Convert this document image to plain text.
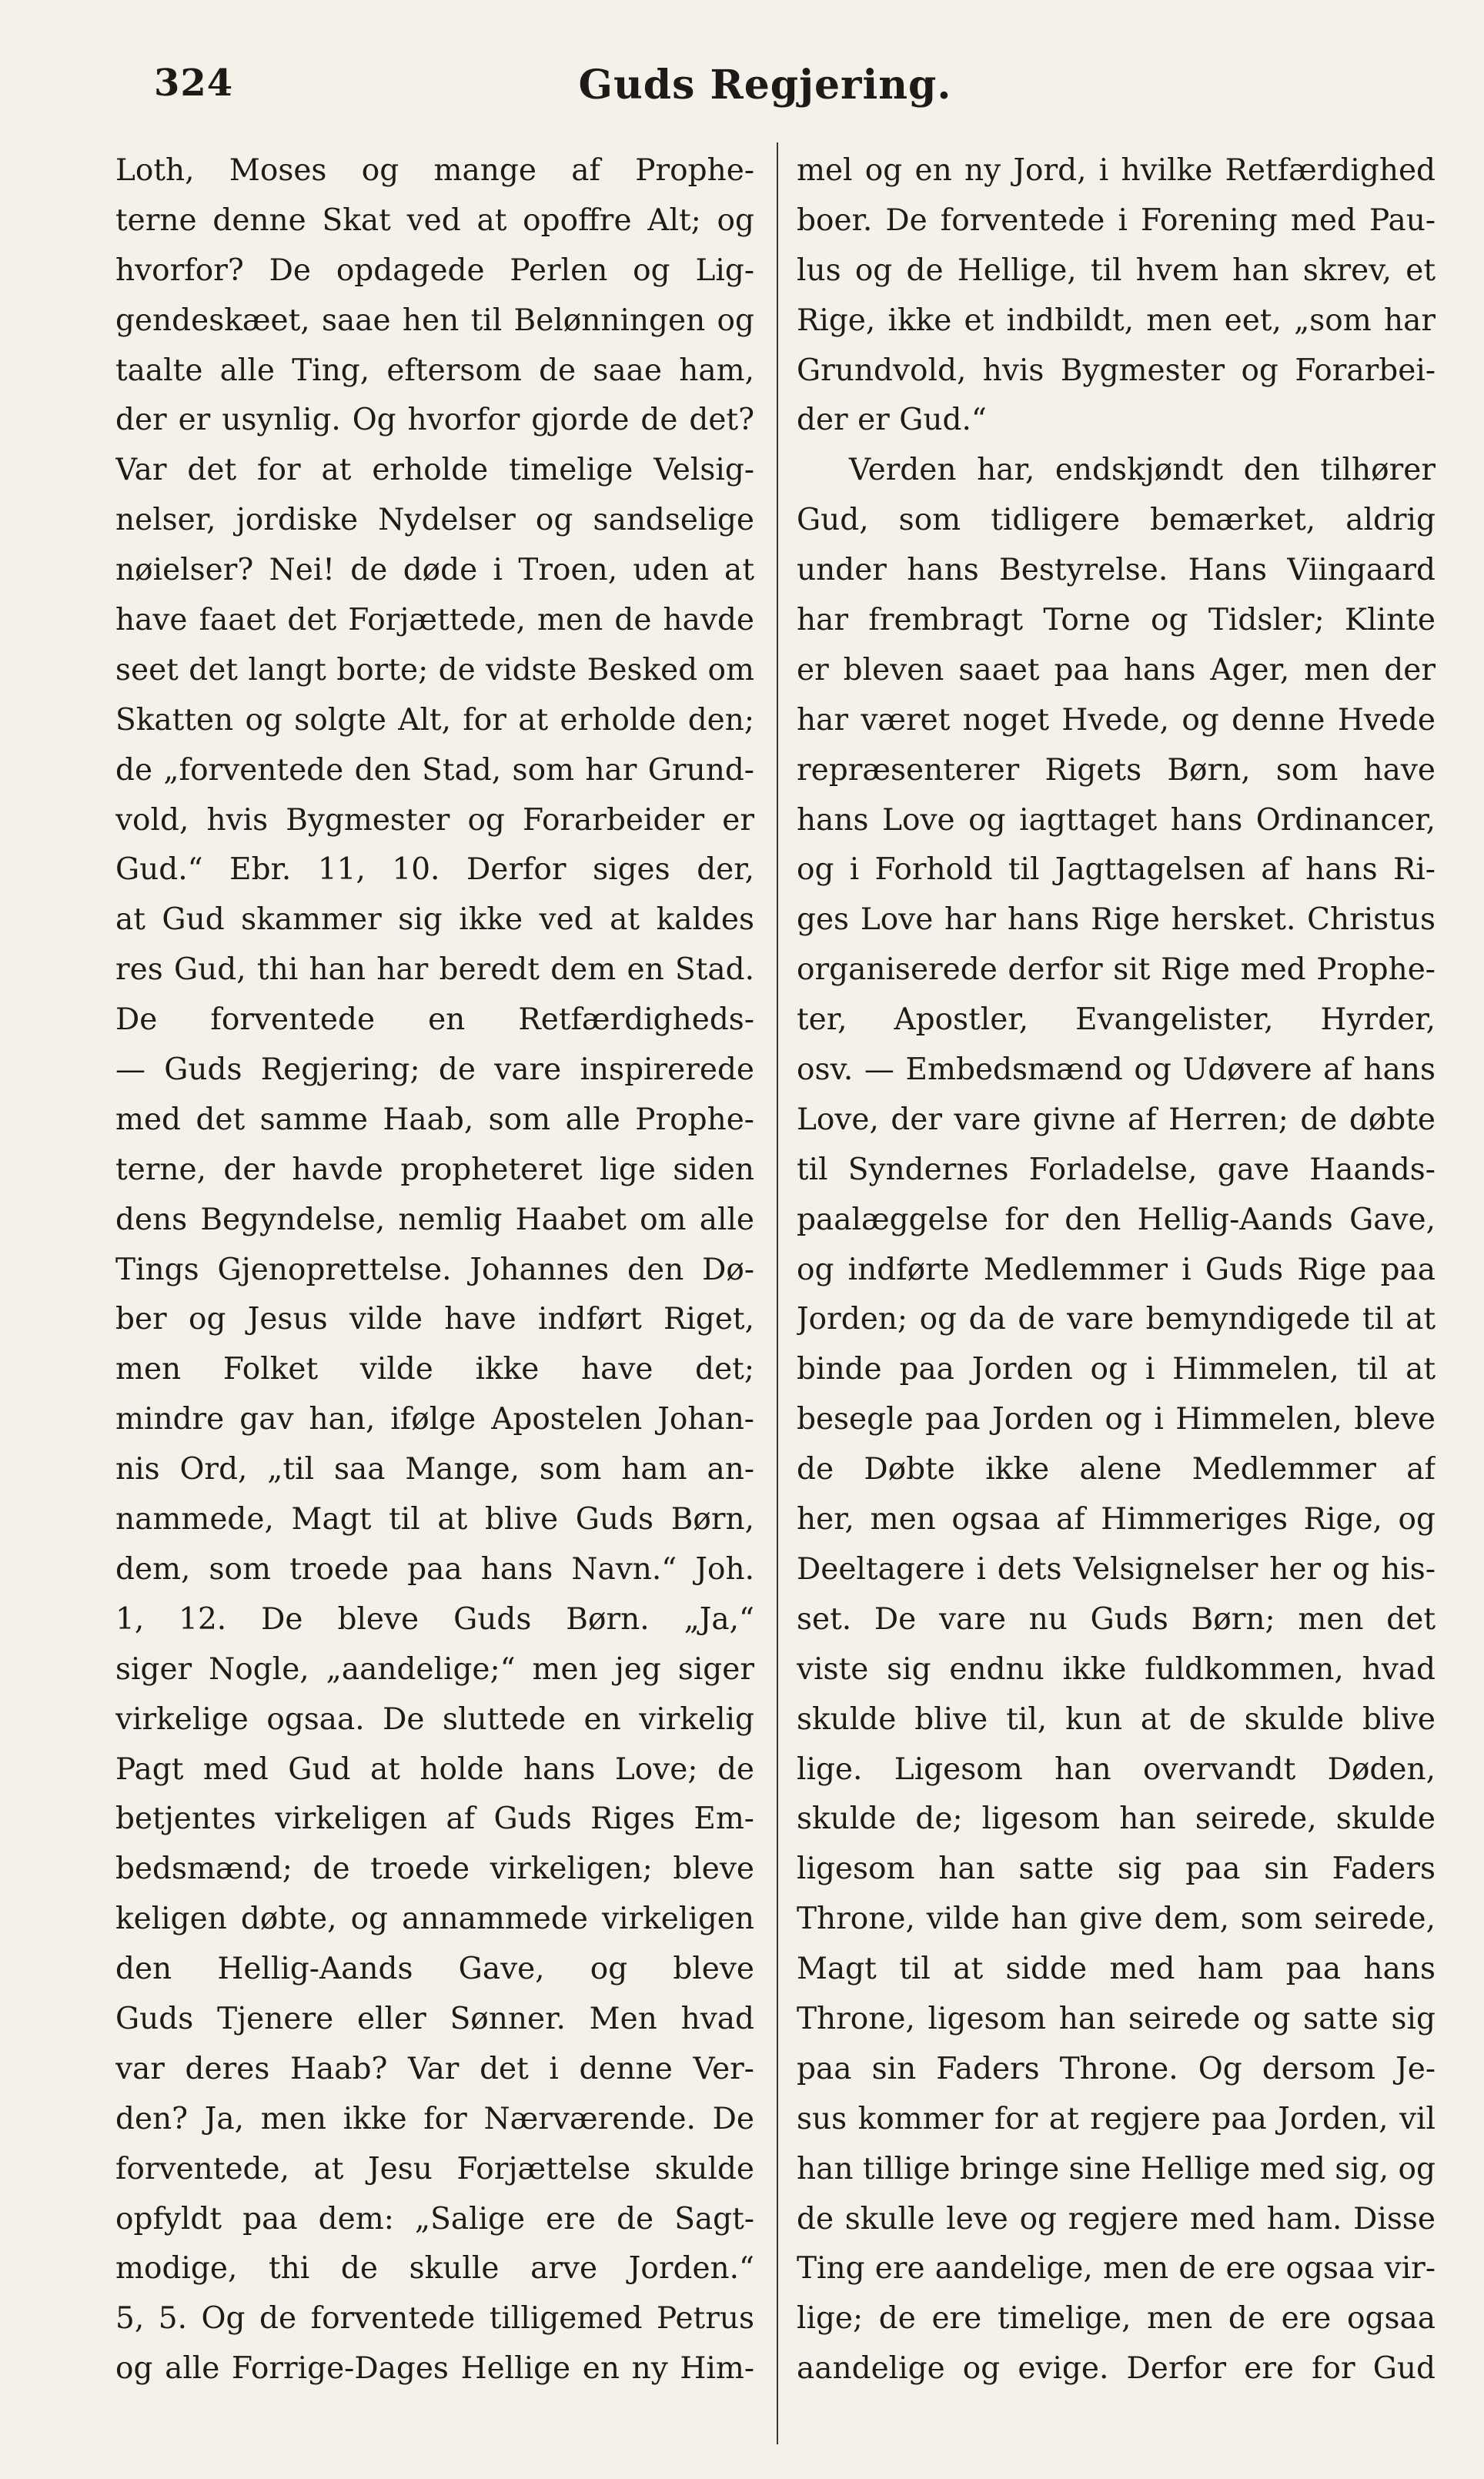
324	Guds Regjering.
Loth, Moses og mange af Prophe-
terne denne Skat ved at opoffre Alt; og
hvorfor? De opdagede Perlen og Lig-
gendeskæet, saae hen til Belønningen og
taalte alle Ting, eftersom de saae ham,
der er usynlig. Og hvorfor gjorde de det?
Var det for at erholde timelige Velsig-
nelser, jordiske Nydelser og sandselige
nøielser? Nei! de døde i Troen, uden at
have faaet det Forjættede, men de havde
seet det langt borte; de vidste Besked om
Skatten og solgte Alt, for at erholde den;
de „forventede den Stad, som har Grund-
vold, hvis Bygmester og Forarbeider er
Gud.“ Ebr. 11, 10. Derfor siges der,
at Gud skammer sig ikke ved at kaldes
res Gud, thi han har beredt dem en Stad.
De forventede en Retfærdigheds-
— Guds Regjering; de vare inspirerede
med det samme Haab, som alle Prophe-
terne, der havde propheteret lige siden
dens Begyndelse, nemlig Haabet om alle
Tings Gjenoprettelse. Johannes den Dø-
ber og Jesus vilde have indført Riget,
men Folket vilde ikke have det;
mindre gav han, ifølge Apostelen Johan-
nis Ord, „til saa Mange, som ham an-
nammede, Magt til at blive Guds Børn,
dem, som troede paa hans Navn.“ Joh.
1, 12. De bleve Guds Børn. „Ja,“
siger Nogle, „aandelige;“ men jeg siger
virkelige ogsaa. De sluttede en virkelig
Pagt med Gud at holde hans Love; de
betjentes virkeligen af Guds Riges Em-
bedsmænd; de troede virkeligen; bleve
keligen døbte, og annammede virkeligen
den Hellig-Aands Gave, og bleve
Guds Tjenere eller Sønner. Men hvad
var deres Haab? Var det i denne Ver-
den? Ja, men ikke for Nærværende. De
forventede, at Jesu Forjættelse skulde
opfyldt paa dem: „Salige ere de Sagt-
modige, thi de skulle arve Jorden.“
5, 5. Og de forventede tilligemed Petrus
og alle Forrige-Dages Hellige en ny Him-
mel og en ny Jord, i hvilke Retfærdighed
boer. De forventede i Forening med Pau-
lus og de Hellige, til hvem han skrev, et
Rige, ikke et indbildt, men eet, „som har
Grundvold, hvis Bygmester og Forarbei-
der er Gud.“
Verden har, endskjøndt den tilhører
Gud, som tidligere bemærket, aldrig
under hans Bestyrelse. Hans Viingaard
har frembragt Torne og Tidsler; Klinte
er bleven saaet paa hans Ager, men der
har været noget Hvede, og denne Hvede
repræsenterer Rigets Børn, som have
hans Love og iagttaget hans Ordinancer,
og i Forhold til Jagttagelsen af hans Ri-
ges Love har hans Rige hersket. Christus
organiserede derfor sit Rige med Prophe-
ter, Apostler, Evangelister, Hyrder,
osv. — Embedsmænd og Udøvere af hans
Love, der vare givne af Herren; de døbte
til Syndernes Forladelse, gave Haands-
paalæggelse for den Hellig-Aands Gave,
og indførte Medlemmer i Guds Rige paa
Jorden; og da de vare bemyndigede til at
binde paa Jorden og i Himmelen, til at
besegle paa Jorden og i Himmelen, bleve
de Døbte ikke alene Medlemmer af
her, men ogsaa af Himmeriges Rige, og
Deeltagere i dets Velsignelser her og his-
set. De vare nu Guds Børn; men det
viste sig endnu ikke fuldkommen, hvad
skulde blive til, kun at de skulde blive
lige. Ligesom han overvandt Døden,
skulde de; ligesom han seirede, skulde
ligesom han satte sig paa sin Faders
Throne, vilde han give dem, som seirede,
Magt til at sidde med ham paa hans
Throne, ligesom han seirede og satte sig
paa sin Faders Throne. Og dersom Je-
sus kommer for at regjere paa Jorden, vil
han tillige bringe sine Hellige med sig, og
de skulle leve og regjere med ham. Disse
Ting ere aandelige, men de ere ogsaa vir-
lige; de ere timelige, men de ere ogsaa
aandelige og evige. Derfor ere for Gud
